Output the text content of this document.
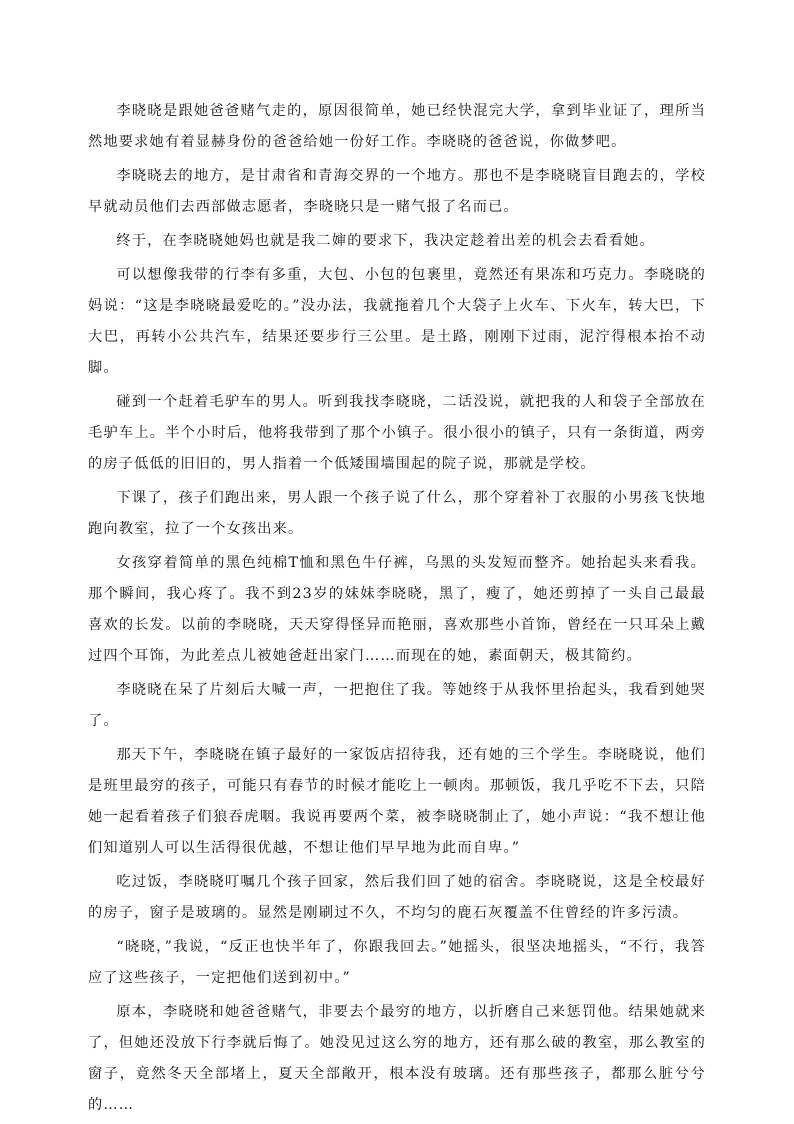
李晓晓是跟她爸爸赌气走的，原因很简单，她已经快混完大学，拿到毕业证了，理所当然地要求她有着显赫身份的爸爸给她一份好工作。李晓晓的爸爸说，你做梦吧。

李晓晓去的地方，是甘肃省和青海交界的一个地方。那也不是李晓晓盲目跑去的，学校早就动员他们去西部做志愿者，李晓晓只是一赌气报了名而已。

终于，在李晓晓她妈也就是我二婶的要求下，我决定趁着出差的机会去看看她。

可以想像我带的行李有多重，大包、小包的包裹里，竟然还有果冻和巧克力。李晓晓的妈说：“这是李晓晓最爱吃的。”没办法，我就拖着几个大袋子上火车、下火车，转大巴，下大巴，再转小公共汽车，结果还要步行三公里。是土路，刚刚下过雨，泥泞得根本抬不动脚。

碰到一个赶着毛驴车的男人。听到我找李晓晓，二话没说，就把我的人和袋子全部放在毛驴车上。半个小时后，他将我带到了那个小镇子。很小很小的镇子，只有一条街道，两旁的房子低低的旧旧的，男人指着一个低矮围墙围起的院子说，那就是学校。

下课了，孩子们跑出来，男人跟一个孩子说了什么，那个穿着补丁衣服的小男孩飞快地跑向教室，拉了一个女孩出来。

女孩穿着简单的黑色纯棉T恤和黑色牛仔裤，乌黑的头发短而整齐。她抬起头来看我。那个瞬间，我心疼了。我不到23岁的妹妹李晓晓，黑了，瘦了，她还剪掉了一头自己最最喜欢的长发。以前的李晓晓，天天穿得怪异而艳丽，喜欢那些小首饰，曾经在一只耳朵上戴过四个耳饰，为此差点儿被她爸赶出家门……而现在的她，素面朝天，极其简约。

李晓晓在呆了片刻后大喊一声，一把抱住了我。等她终于从我怀里抬起头，我看到她哭了。

那天下午，李晓晓在镇子最好的一家饭店招待我，还有她的三个学生。李晓晓说，他们是班里最穷的孩子，可能只有春节的时候才能吃上一顿肉。那顿饭，我几乎吃不下去，只陪她一起看着孩子们狼吞虎咽。我说再要两个菜，被李晓晓制止了，她小声说：“我不想让他们知道别人可以生活得很优越，不想让他们早早地为此而自卑。”

吃过饭，李晓晓叮嘱几个孩子回家，然后我们回了她的宿舍。李晓晓说，这是全校最好的房子，窗子是玻璃的。显然是刚刷过不久，不均匀的鹿石灰覆盖不住曾经的许多污渍。

“晓晓，”我说，“反正也快半年了，你跟我回去。”她摇头，很坚决地摇头，“不行，我答应了这些孩子，一定把他们送到初中。”

原本，李晓晓和她爸爸赌气，非要去个最穷的地方，以折磨自己来惩罚他。结果她就来了，但她还没放下行李就后悔了。她没见过这么穷的地方，还有那么破的教室，那么教室的窗子，竟然冬天全部堵上，夏天全部敞开，根本没有玻璃。还有那些孩子，都那么脏兮兮的……
